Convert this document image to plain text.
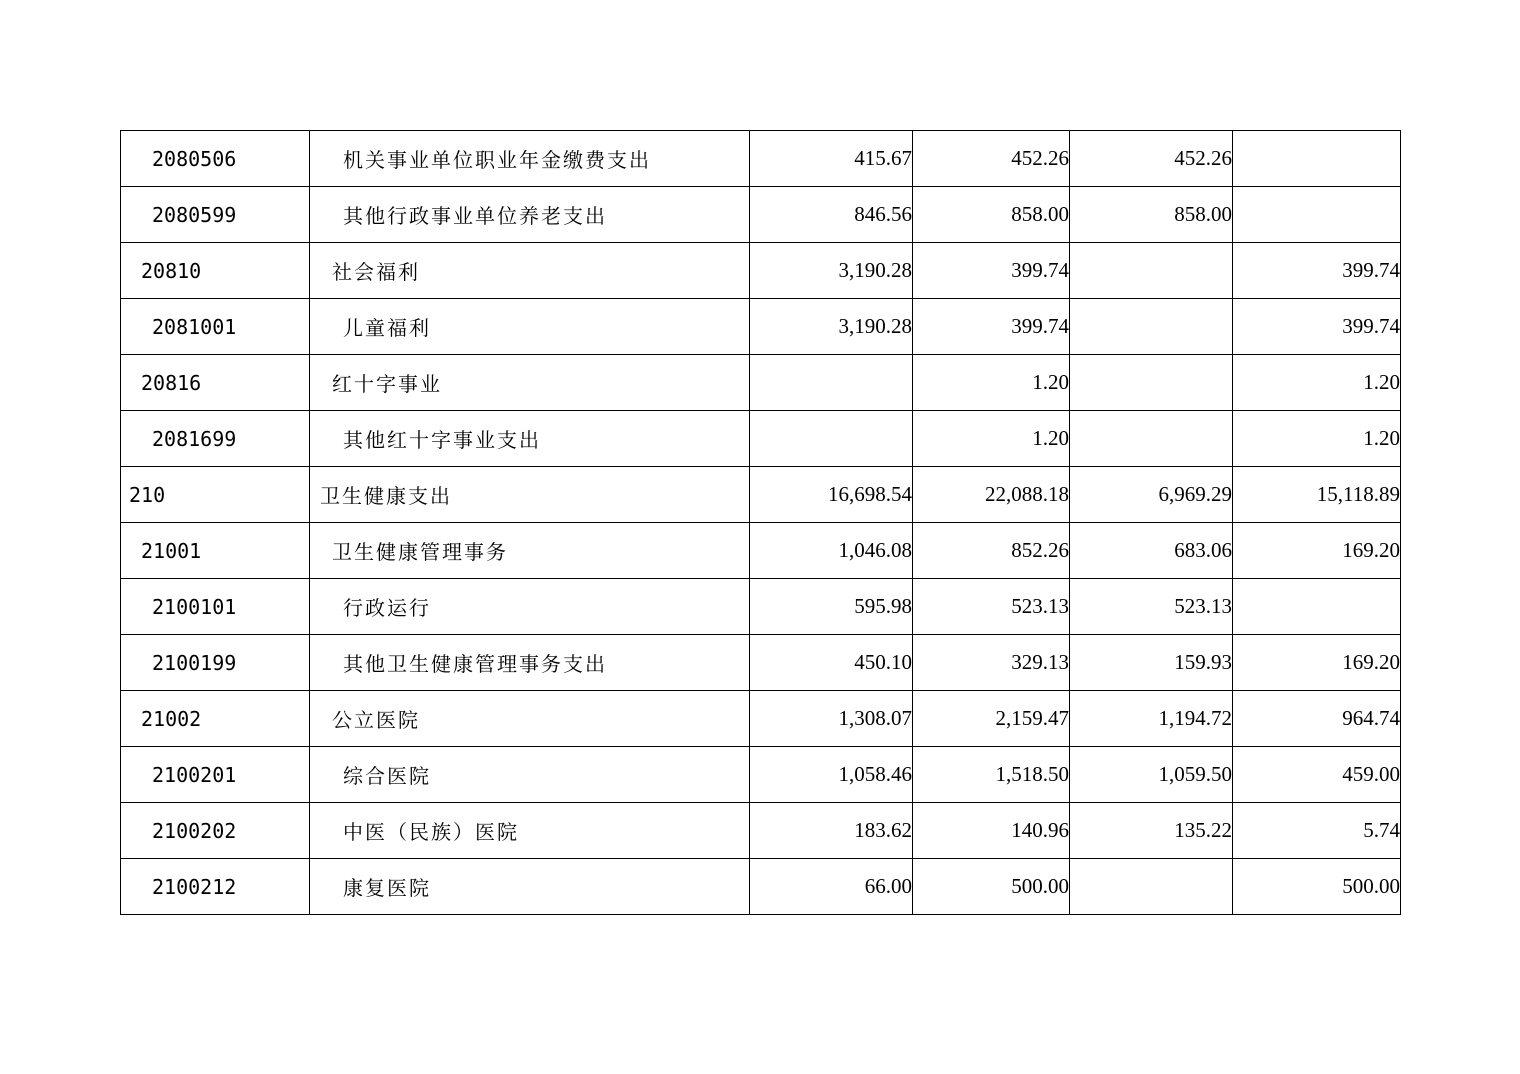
2080506	机关事业单位职业年金缴费支出	415.67	452.26	452.26	
2080599	其他行政事业单位养老支出	846.56	858.00	858.00	
20810	社会福利	3,190.28	399.74		399.74
2081001	儿童福利	3,190.28	399.74		399.74
20816	红十字事业		1.20		1.20
2081699	其他红十字事业支出		1.20		1.20
210	卫生健康支出	16,698.54	22,088.18	6,969.29	15,118.89
21001	卫生健康管理事务	1,046.08	852.26	683.06	169.20
2100101	行政运行	595.98	523.13	523.13	
2100199	其他卫生健康管理事务支出	450.10	329.13	159.93	169.20
21002	公立医院	1,308.07	2,159.47	1,194.72	964.74
2100201	综合医院	1,058.46	1,518.50	1,059.50	459.00
2100202	中医（民族）医院	183.62	140.96	135.22	5.74
2100212	康复医院	66.00	500.00		500.00
